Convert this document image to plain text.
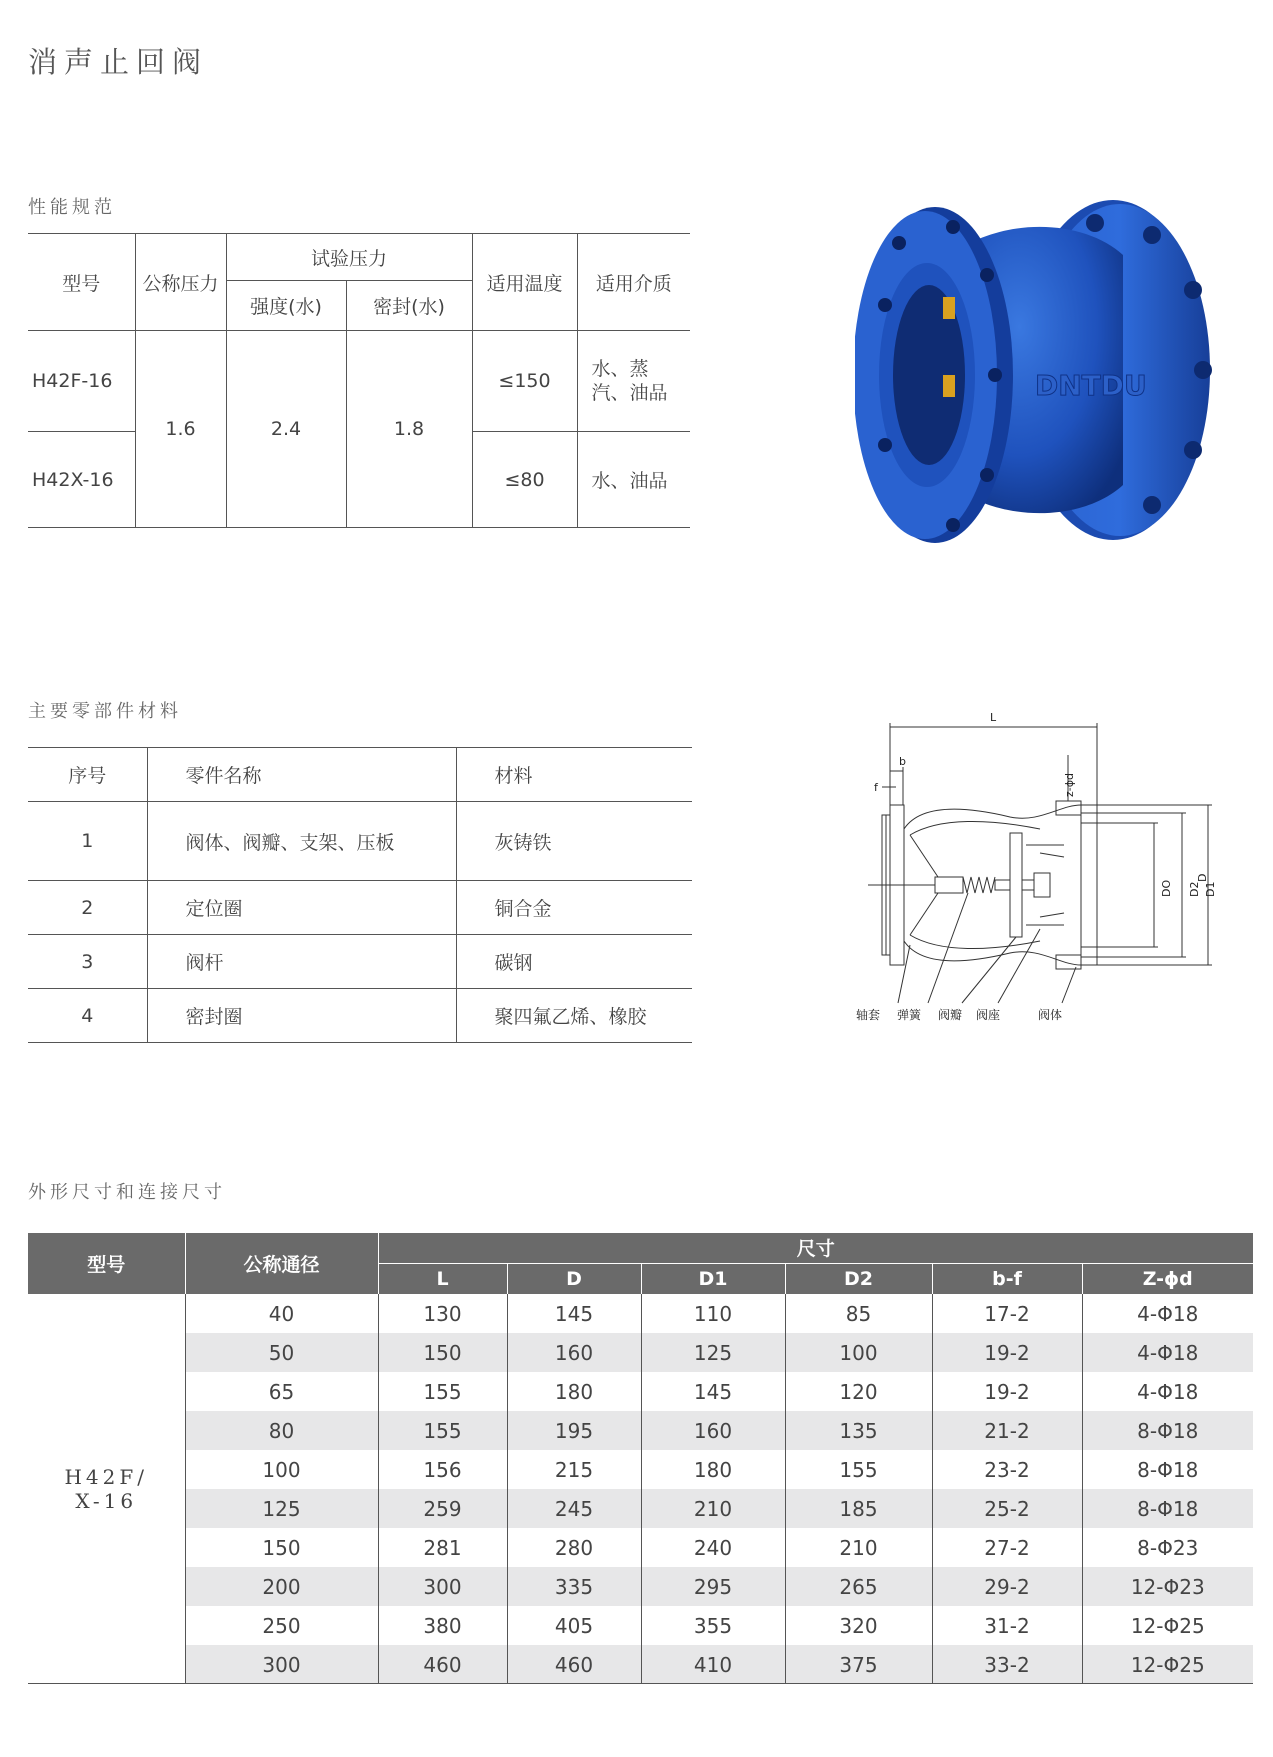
消声止回阀
性能规范
型号	公称压力	试验压力		适用温度	适用介质
		强度(水)	密封(水)		
H42F-16	1.6	2.4	1.8	≤150	水、蒸汽、油品
H42X-16				≤80	水、油品
DNTDU
主要零部件材料
序号	零件名称	材料
1	阀体、阀瓣、支架、压板	灰铸铁
2	定位圈	铜合金
3	阀杆	碳钢
4	密封圈	聚四氟乙烯、橡胶
L
b
f	z-ϕd
DO D2 D1
轴套 弹簧 阀瓣 阀座	阀体
D
外形尺寸和连接尺寸
型号	公称通径	尺寸					
		L	D	D1	D2	b-f	Z-ϕd

H42F/
X-16	40	130	145	110	85	17-2	4-Φ18
	50	150	160	125	100	19-2	4-Φ18
	65	155	180	145	120	19-2	4-Φ18
	80	155	195	160	135	21-2	8-Φ18
	100	156	215	180	155	23-2	8-Φ18
	125	259	245	210	185	25-2	8-Φ18
	150	281	280	240	210	27-2	8-Φ23
	200	300	335	295	265	29-2	12-Φ23
	250	380	405	355	320	31-2	12-Φ25
	300	460	460	410	375	33-2	12-Φ25
